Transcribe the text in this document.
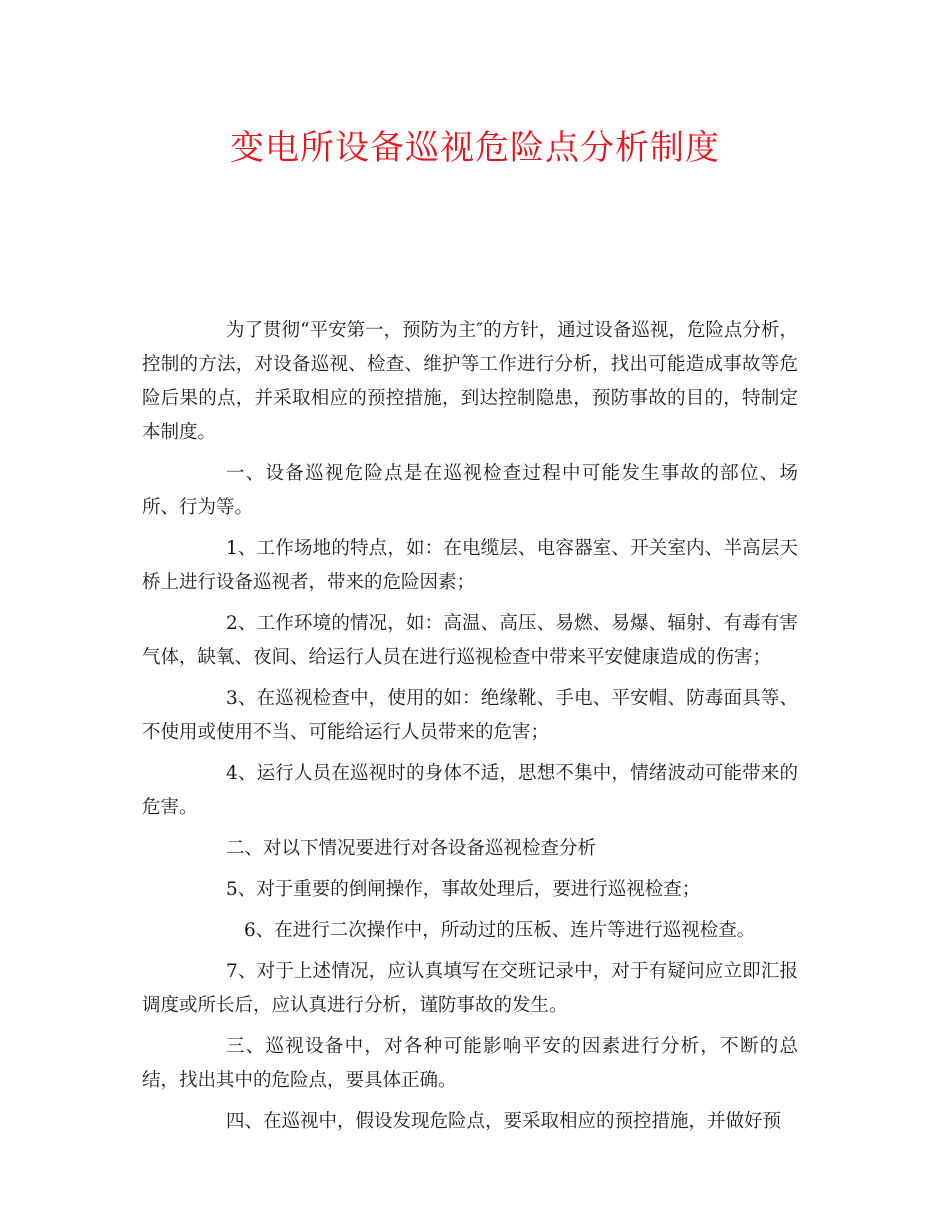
变电所设备巡视危险点分析制度

为了贯彻“平安第一，预防为主″的方针，通过设备巡视，危险点分析，控制的方法，对设备巡视、检查、维护等工作进行分析，找出可能造成事故等危险后果的点，并采取相应的预控措施，到达控制隐患，预防事故的目的，特制定本制度。

一、设备巡视危险点是在巡视检查过程中可能发生事故的部位、场所、行为等。

1、工作场地的特点，如：在电缆层、电容器室、开关室内、半高层天桥上进行设备巡视者，带来的危险因素；

2、工作环境的情况，如：高温、高压、易燃、易爆、辐射、有毒有害气体，缺氧、夜间、给运行人员在进行巡视检查中带来平安健康造成的伤害；

3、在巡视检查中，使用的如：绝缘靴、手电、平安帽、防毒面具等、不使用或使用不当、可能给运行人员带来的危害；

4、运行人员在巡视时的身体不适，思想不集中，情绪波动可能带来的危害。

二、对以下情况要进行对各设备巡视检查分析

5、对于重要的倒闸操作，事故处理后，要进行巡视检查；

6、在进行二次操作中，所动过的压板、连片等进行巡视检查。

7、对于上述情况，应认真填写在交班记录中，对于有疑问应立即汇报调度或所长后，应认真进行分析，谨防事故的发生。

三、巡视设备中，对各种可能影响平安的因素进行分析，不断的总结，找出其中的危险点，要具体正确。

四、在巡视中，假设发现危险点，要采取相应的预控措施，并做好预
